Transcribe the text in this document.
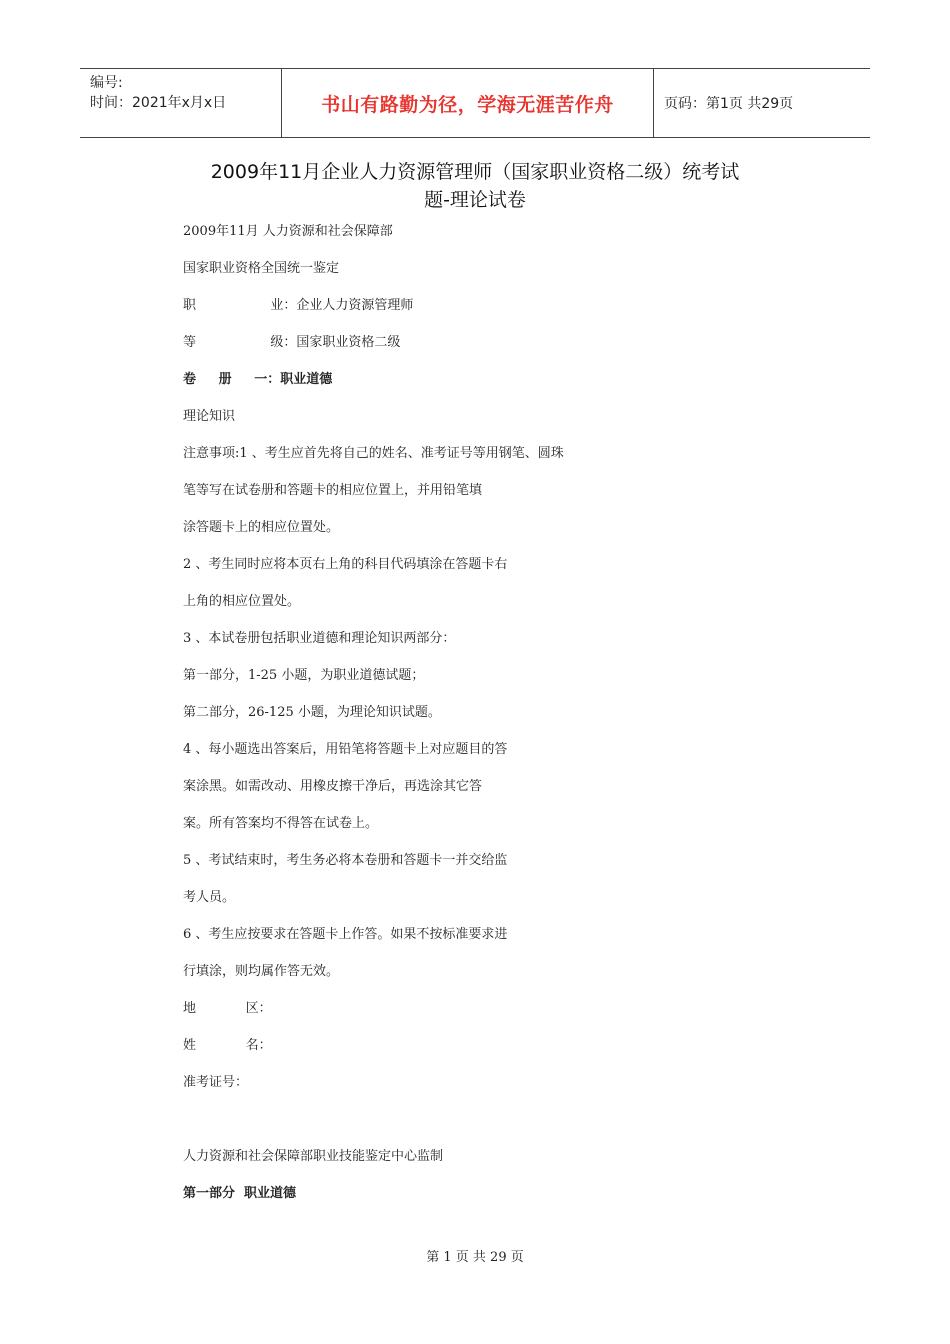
编号:
时间：2021年x月x日	书山有路勤为径，学海无涯苦作舟	页码：第1页 共29页
2009年11月企业人力资源管理师（国家职业资格二级）统考试
题-理论试卷
2009年11月 人力资源和社会保障部
国家职业资格全国统一鉴定
职                  业：企业人力资源管理师
等                  级：国家职业资格二级
卷     册     一：职业道德
理论知识
注意事项:1 、考生应首先将自己的姓名、准考证号等用钢笔、圆珠
笔等写在试卷册和答题卡的相应位置上，并用铅笔填
涂答题卡上的相应位置处。
2 、考生同时应将本页右上角的科目代码填涂在答题卡右
上角的相应位置处。
3 、本试卷册包括职业道德和理论知识两部分：
第一部分，1-25 小题，为职业道德试题；
第二部分，26-125 小题，为理论知识试题。
4 、每小题选出答案后，用铅笔将答题卡上对应题目的答
案涂黑。如需改动、用橡皮擦干净后，再选涂其它答
案。所有答案均不得答在试卷上。
5 、考试结束时，考生务必将本卷册和答题卡一并交给监
考人员。
6 、考生应按要求在答题卡上作答。如果不按标准要求进
行填涂，则均属作答无效。
地            区：
姓            名：
准考证号：
人力资源和社会保障部职业技能鉴定中心监制
第一部分  职业道德
第 1 页 共 29 页
